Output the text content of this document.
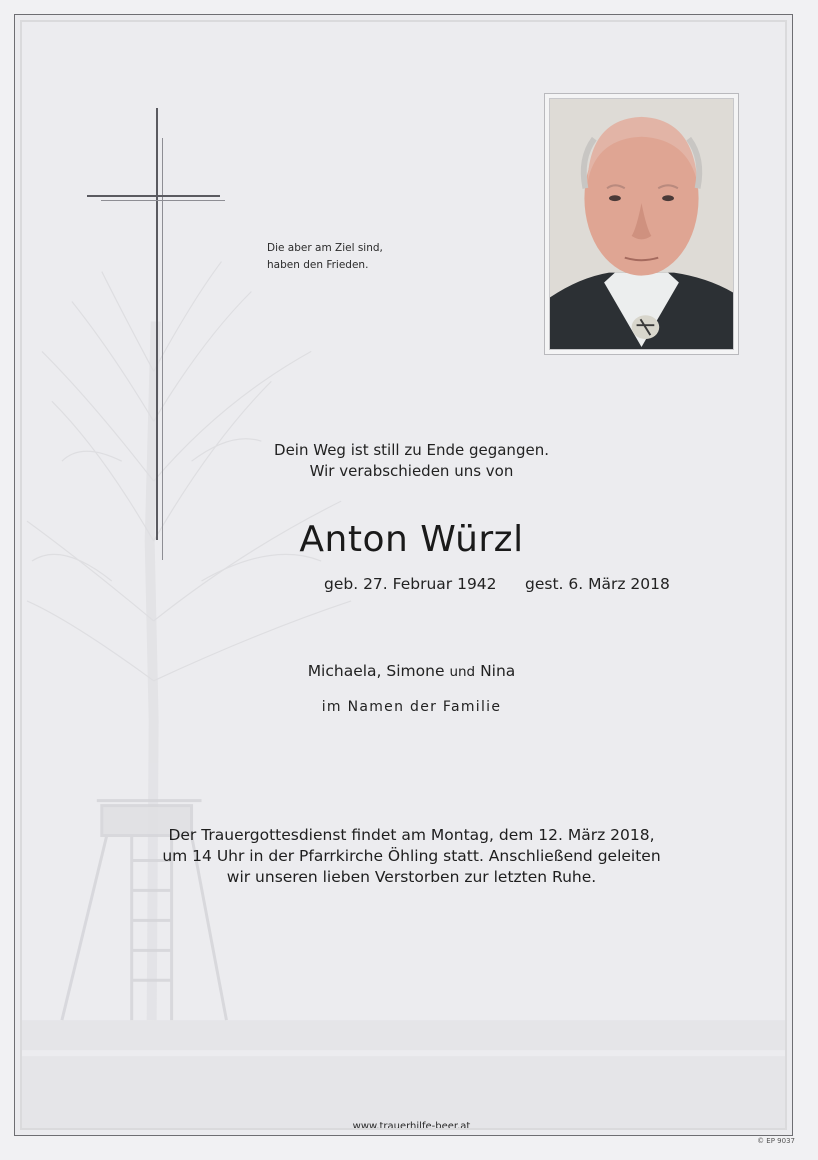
Die aber am Ziel sind,
haben den Frieden.
Dein Weg ist still zu Ende gegangen.
Wir verabschieden uns von
Anton Würzl
geb. 27. Februar 1942 gest. 6. März 2018
Michaela, Simone und Nina
im Namen der Familie
Der Trauergottesdienst findet am Montag, dem 12. März 2018,
um 14 Uhr in der Pfarrkirche Öhling statt. Anschließend geleiten
wir unseren lieben Verstorben zur letzten Ruhe.
www.trauerhilfe-beer.at
© EP 9037
